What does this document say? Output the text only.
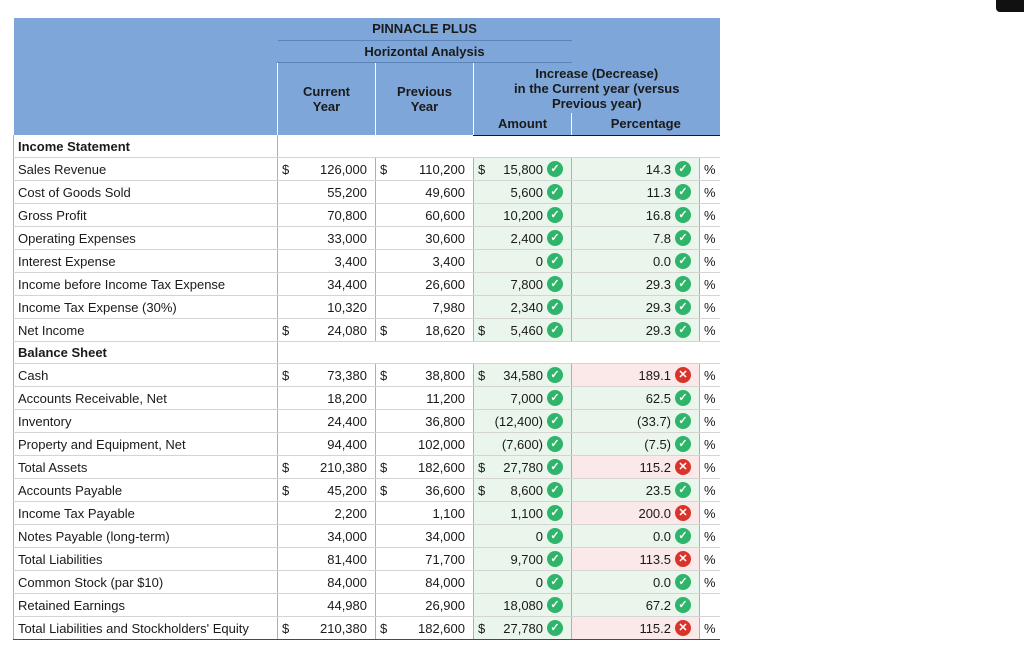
	PINNACLE PLUS							
	Horizontal Analysis							
	Current
Year		Previous
Year		Increase (Decrease)
in the Current year (versus
Previous year)			
					Amount		Percentage	
Income Statement								
Sales Revenue	$	126,000	$	110,200	$	15,800 ✓	14.3 ✓	%
Cost of Goods Sold		55,200		49,600		5,600 ✓	11.3 ✓	%
Gross Profit		70,800		60,600		10,200 ✓	16.8 ✓	%
Operating Expenses		33,000		30,600		2,400 ✓	7.8 ✓	%
Interest Expense		3,400		3,400		0 ✓	0.0 ✓	%
Income before Income Tax Expense		34,400		26,600		7,800 ✓	29.3 ✓	%
Income Tax Expense (30%)		10,320		7,980		2,340 ✓	29.3 ✓	%
Net Income	$	24,080	$	18,620	$	5,460 ✓	29.3 ✓	%
Balance Sheet								
Cash	$	73,380	$	38,800	$	34,580 ✓	189.1 ✕	%
Accounts Receivable, Net		18,200		11,200		7,000 ✓	62.5 ✓	%
Inventory		24,400		36,800		(12,400) ✓	(33.7) ✓	%
Property and Equipment, Net		94,400		102,000		(7,600) ✓	(7.5) ✓	%
Total Assets	$	210,380	$	182,600	$	27,780 ✓	115.2 ✕	%
Accounts Payable	$	45,200	$	36,600	$	8,600 ✓	23.5 ✓	%
Income Tax Payable		2,200		1,100		1,100 ✓	200.0 ✕	%
Notes Payable (long-term)		34,000		34,000		0 ✓	0.0 ✓	%
Total Liabilities		81,400		71,700		9,700 ✓	113.5 ✕	%
Common Stock (par $10)		84,000		84,000		0 ✓	0.0 ✓	%
Retained Earnings		44,980		26,900		18,080 ✓	67.2 ✓	

Total Liabilities and Stockholders' Equity	$	210,380	$	182,600	$	27,780 ✓	115.2 ✕	%
